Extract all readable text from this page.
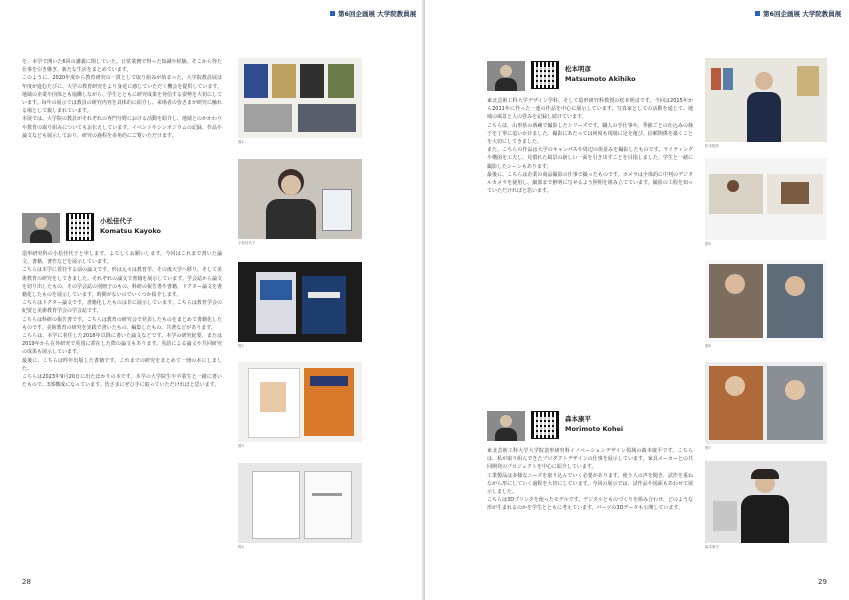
第6回企画展 大学院教員展

を、本学で開いた6回の講義に関していた。日常業務で得った知識や経験、そこから得た仕事を引き継ぎ、新たな生活をまとめています。

このように、2020年度から教育研究の一貫として取り組みが始まった、大学院教員展は年度が進むたびに、大学の教育研究をより身近に感じていただく機会を提供しています。地域の企業や団体とも協働しながら、学生とともに研究成果を発信する姿勢を大切にしています。毎年の展示では教員の研究内容を具体的に紹介し、来場者の皆さまが研究に触れる場として親しまれています。

本展では、大学院の教員がそれぞれの専門分野における活動を紹介し、地域とのかかわりや教育の取り組みについてもお伝えしています。イベントやシンポジウムの記録、作品や論文なども展示しており、研究の過程を多角的にご覧いただけます。

小松佳代子
Komatsu Kayoko

造形研究科の小松佳代子と申します。よろしくお願いします。今回はこれまで書いた論文、書籍、著作などを展示しています。

こちらは本学に着任する前の論文です。形は元々は教育学、その後大学へ移り、そして美術教育の研究をしてきました。それぞれの論文で書籍を展示しています。学会誌から論文を切り出したもの、その学会誌の別冊子のもの、科研の報告書や書籍、ドクター論文を書籍化したものを展示しています。時間がないのでいくつか紹介します。

こちらはドクター論文です。書籍化したものは非に展示しています。こちらは教育学会の紀要と美術教育学会の学会誌です。

こちらは科研の報告書です。こちらは教育の研究会で発表したものをまとめて書籍化したものです。美術教育の研究を実践で書いたもの、編集したもの、共著などがあります。

こちらは、本学に着任した2016年以降に書いた論文などです。本学の研究紀要、または2019年から在外研究で英国に滞在した際の論文もあります。英語による論文や共同研究の成果も展示しています。

最後に、こちらは昨年出版した書籍です。これまでの研究をまとめて一冊の本にしました。

こちらは2023年9月20日に出たばかりの本です。本学の大学院生や卒業生と一緒に書いたもので、3部構成になっています。皆さまにぜひ手に取っていただければと思います。

図1
小松佳代子
図2
図3
図4
28
第6回企画展 大学院教員展
松本明彦
Matsumoto Akihiko

東北芸術工科大学デザイン学科、そして造形研究科教授の松本明彦です。今回は2015年から2011年に作った一連の作品を中心に展示しています。写真家としての活動を通じて、地域の風景と人の営みを記録し続けています。

こちらは、山形県の酒蔵で撮影したシリーズです。職人の手仕事や、季節ごとの仕込みの様子を丁寧に追いかけました。撮影にあたっては何度も現場に足を運び、信頼関係を築くことを大切にしてきました。

また、こちらの作品は大学のキャンパスや周辺の街並みを撮影したものです。ライティングや構図を工夫し、見慣れた風景の新しい一面を引き出すことを目指しました。学生と一緒に撮影したシーンもあります。

最後に、こちらは企業の商品撮影の仕事で撮ったものです。カメラは全体的に中判のデジタルカメラを使用し、細部まで鮮明に写せるよう照明を組み立てています。撮影の工程を知っていただければと思います。

森本康平
Morimoto Kohei

東北芸術工科大学大学院造形研究科イノベーションデザイン領域の森本康平です。こちらは、私が取り組んできたプロダクトデザインの仕事を展示しています。家具メーカーとの共同開発のプロジェクトを中心に紹介しています。

工業製品は多様なニーズを取り込んでいく必要があります。使う人の声を聞き、試作を重ねながら形にしていく過程を大切にしています。今回の展示では、試作品や図面もあわせて展示しました。

こちらは3Dプリンタを使ったモデルです。デジタルとものづくりを組み合わせ、どのような形が生まれるのかを学生とともに考えています。パーツの3Dデータも公開しています。

松本明彦
図5
図6
図7
森本康平
29
